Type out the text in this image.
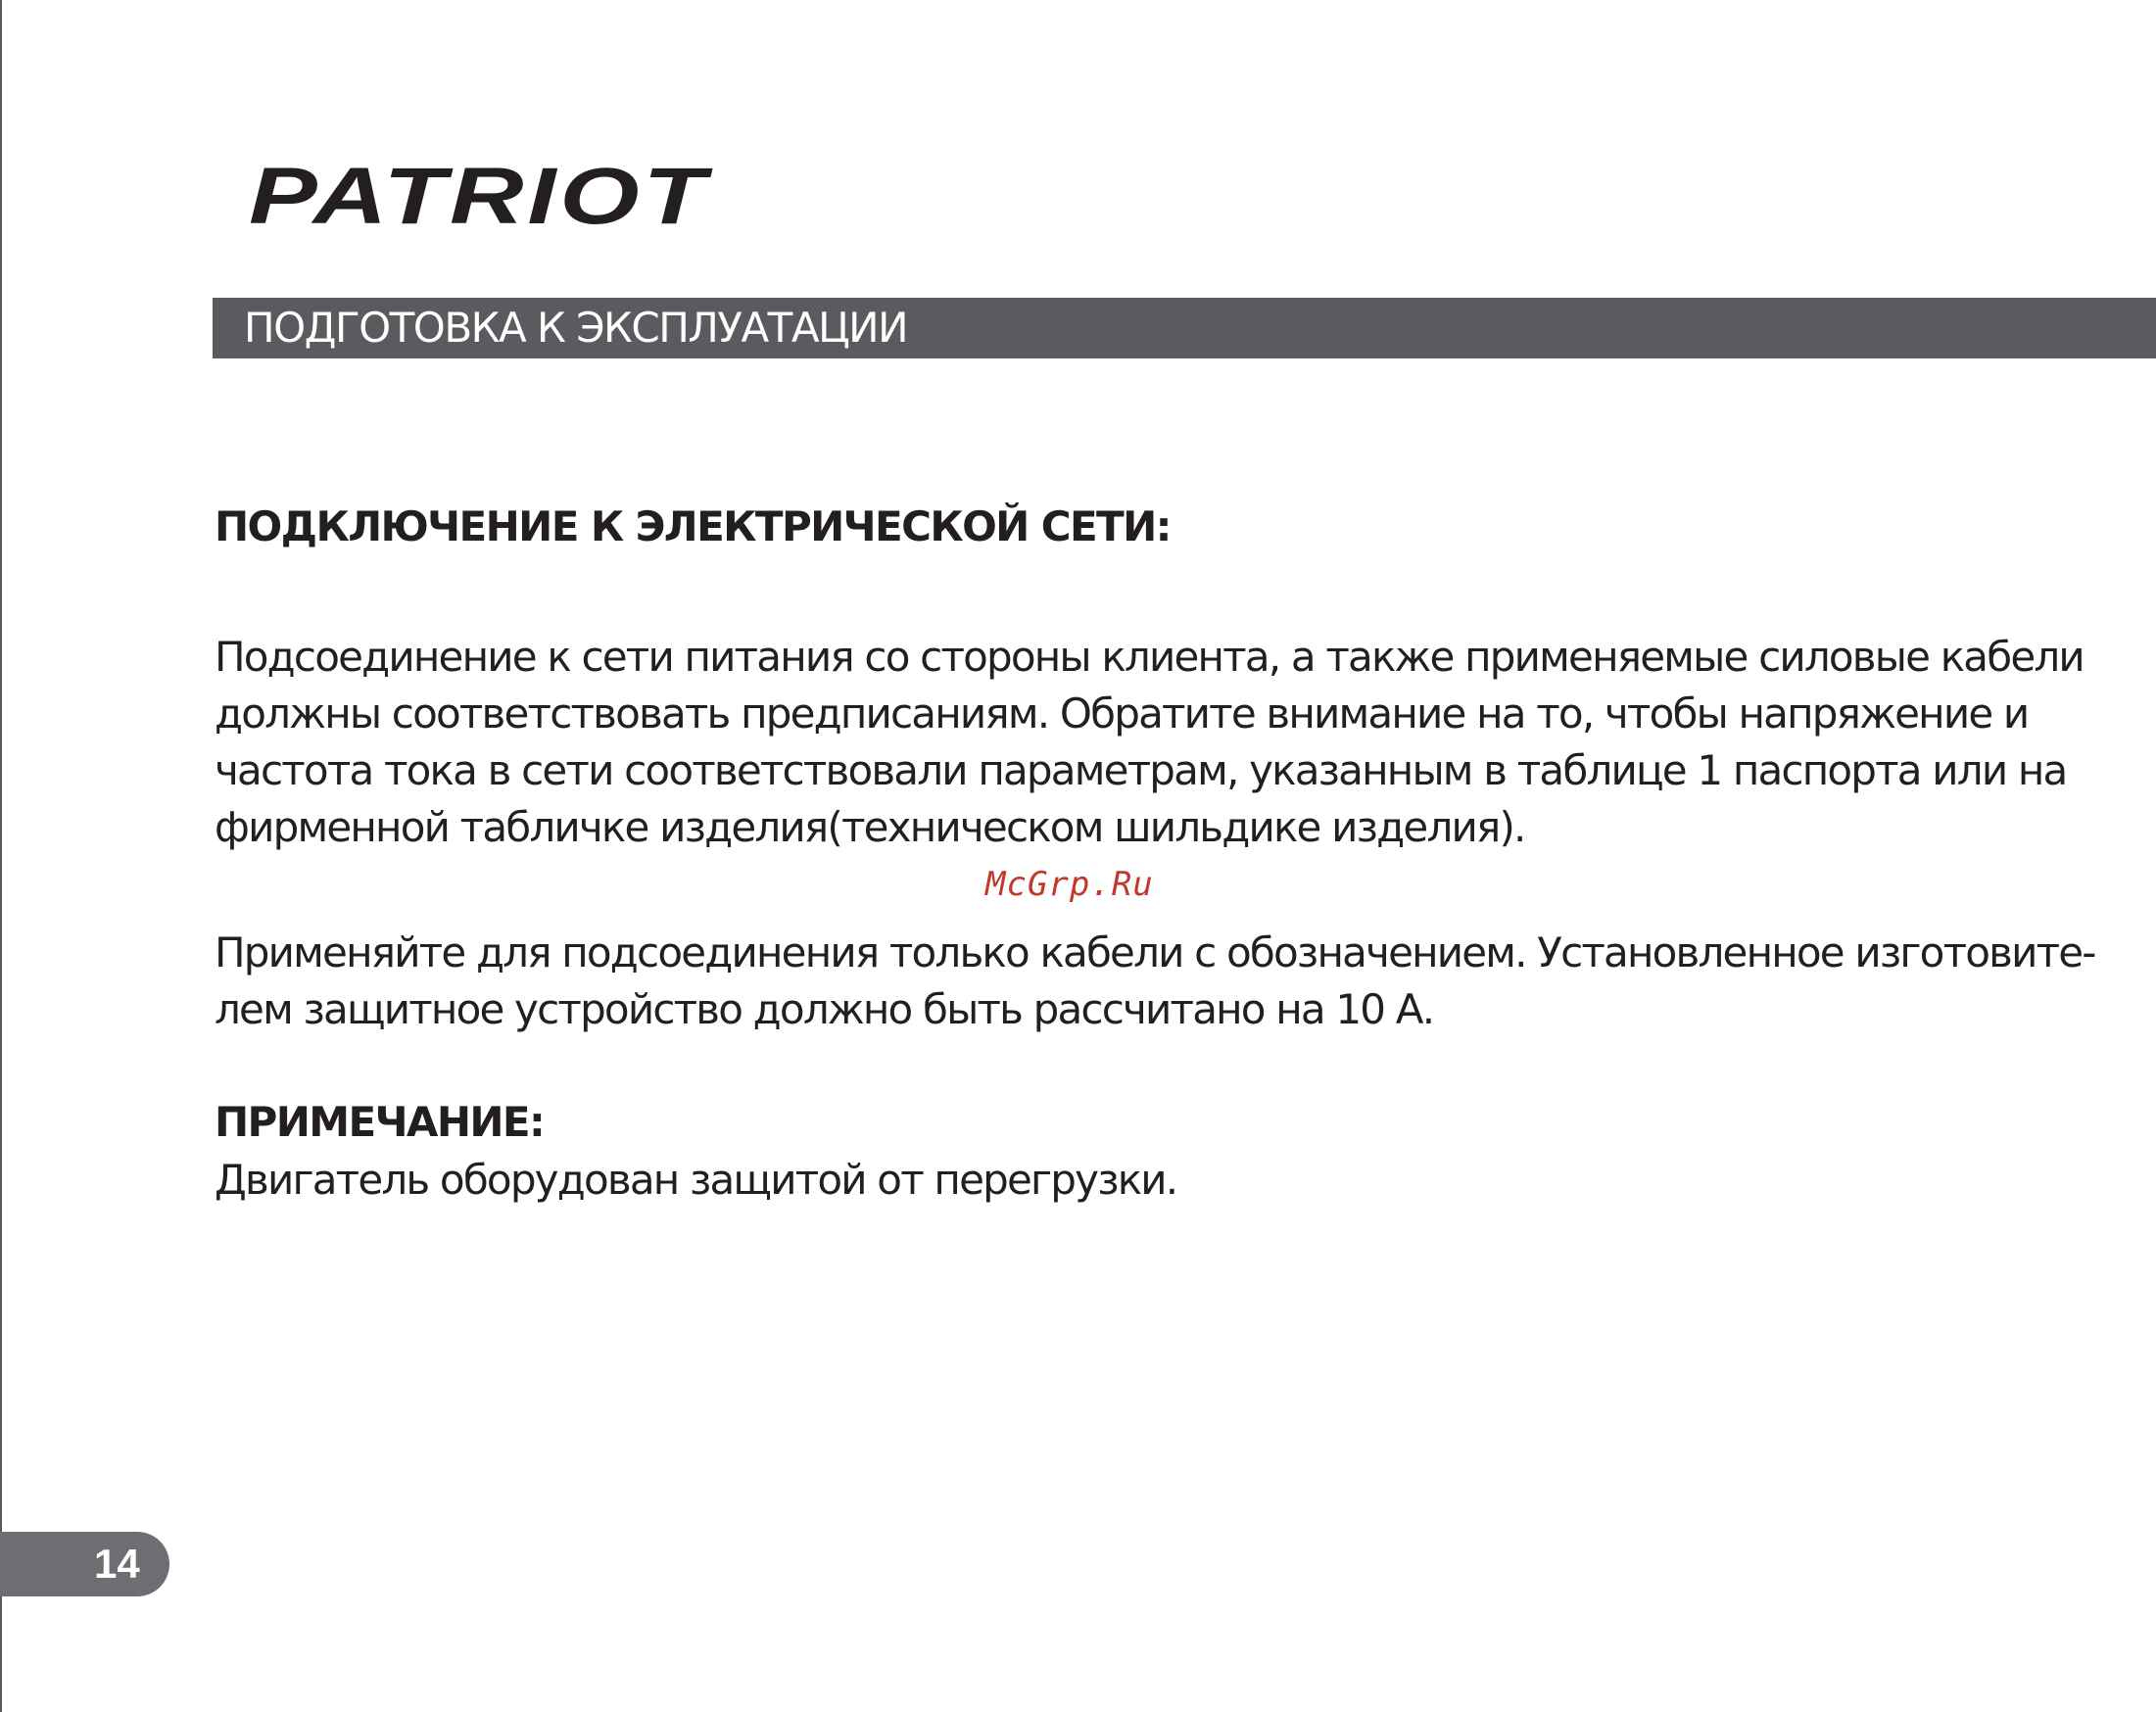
PATRIOT
ПОДГОТОВКА К ЭКСПЛУАТАЦИИ
ПОДКЛЮЧЕНИЕ К ЭЛЕКТРИЧЕСКОЙ СЕТИ:

Подсоединение к сети питания со стороны клиента, а также применяемые силовые кабели
должны соответствовать предписаниям. Обратите внимание на то, чтобы напряжение и
частота тока в сети соответствовали параметрам, указанным в таблице 1 паспорта или на
фирменной табличке изделия(техническом шильдике изделия).

McGrp.Ru

Применяйте для подсоединения только кабели с обозначением. Установленное изготовите-
лем защитное устройство должно быть рассчитано на 10 А.

ПРИМЕЧАНИЕ:

Двигатель оборудован защитой от перегрузки.

14
